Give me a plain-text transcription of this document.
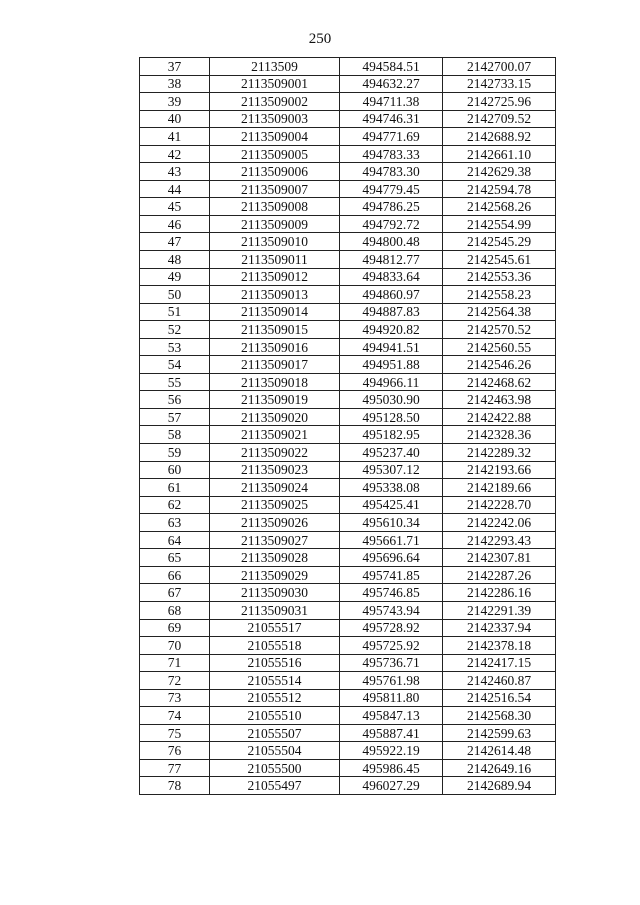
250
37	2113509	494584.51	2142700.07
38	2113509001	494632.27	2142733.15
39	2113509002	494711.38	2142725.96
40	2113509003	494746.31	2142709.52
41	2113509004	494771.69	2142688.92
42	2113509005	494783.33	2142661.10
43	2113509006	494783.30	2142629.38
44	2113509007	494779.45	2142594.78
45	2113509008	494786.25	2142568.26
46	2113509009	494792.72	2142554.99
47	2113509010	494800.48	2142545.29
48	2113509011	494812.77	2142545.61
49	2113509012	494833.64	2142553.36
50	2113509013	494860.97	2142558.23
51	2113509014	494887.83	2142564.38
52	2113509015	494920.82	2142570.52
53	2113509016	494941.51	2142560.55
54	2113509017	494951.88	2142546.26
55	2113509018	494966.11	2142468.62
56	2113509019	495030.90	2142463.98
57	2113509020	495128.50	2142422.88
58	2113509021	495182.95	2142328.36
59	2113509022	495237.40	2142289.32
60	2113509023	495307.12	2142193.66
61	2113509024	495338.08	2142189.66
62	2113509025	495425.41	2142228.70
63	2113509026	495610.34	2142242.06
64	2113509027	495661.71	2142293.43
65	2113509028	495696.64	2142307.81
66	2113509029	495741.85	2142287.26
67	2113509030	495746.85	2142286.16
68	2113509031	495743.94	2142291.39
69	21055517	495728.92	2142337.94
70	21055518	495725.92	2142378.18
71	21055516	495736.71	2142417.15
72	21055514	495761.98	2142460.87
73	21055512	495811.80	2142516.54
74	21055510	495847.13	2142568.30
75	21055507	495887.41	2142599.63
76	21055504	495922.19	2142614.48
77	21055500	495986.45	2142649.16
78	21055497	496027.29	2142689.94
